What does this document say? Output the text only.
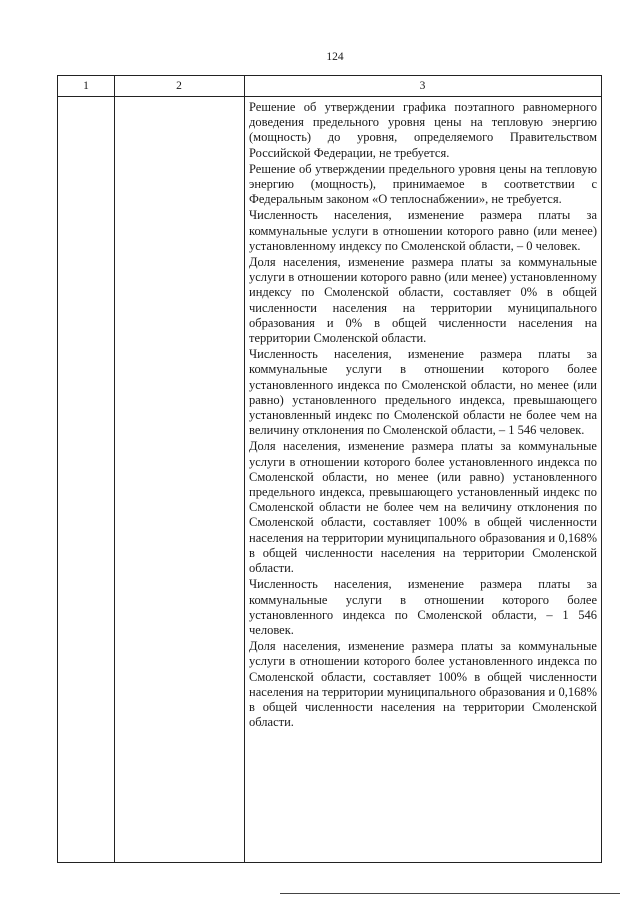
124
1	2	3

Решение об утверждении графика поэтапного равномерного доведения предельного уровня цены на тепловую энергию (мощность) до уровня, определяемого Правительством Российской Федерации, не требуется.

Решение об утверждении предельного уровня цены на тепловую энергию (мощность), принимаемое в соответствии с Федеральным законом «О теплоснабжении», не требуется.

Численность населения, изменение размера платы за коммунальные услуги в отношении которого равно (или менее) установленному индексу по Смоленской области, – 0 человек.

Доля населения, изменение размера платы за коммунальные услуги в отношении которого равно (или менее) установленному индексу по Смоленской области, составляет 0% в общей численности населения на территории муниципального образования и 0% в общей численности населения на территории Смоленской области.

Численность населения, изменение размера платы за коммунальные услуги в отношении которого более установленного индекса по Смоленской области, но менее (или равно) установленного предельного индекса, превышающего установленный индекс по Смоленской области не более чем на величину отклонения по Смоленской области, – 1 546 человек.

Доля населения, изменение размера платы за коммунальные услуги в отношении которого более установленного индекса по Смоленской области, но менее (или равно) установленного предельного индекса, превышающего установленный индекс по Смоленской области не более чем на величину отклонения по Смоленской области, составляет 100% в общей численности населения на территории муниципального образования и 0,168% в общей численности населения на территории Смоленской области.

Численность населения, изменение размера платы за коммунальные услуги в отношении которого более установленного индекса по Смоленской области, – 1 546 человек.

Доля населения, изменение размера платы за коммунальные услуги в отношении которого более установленного индекса по Смоленской области, составляет 100% в общей численности населения на территории муниципального образования и 0,168% в общей численности населения на территории Смоленской области.
